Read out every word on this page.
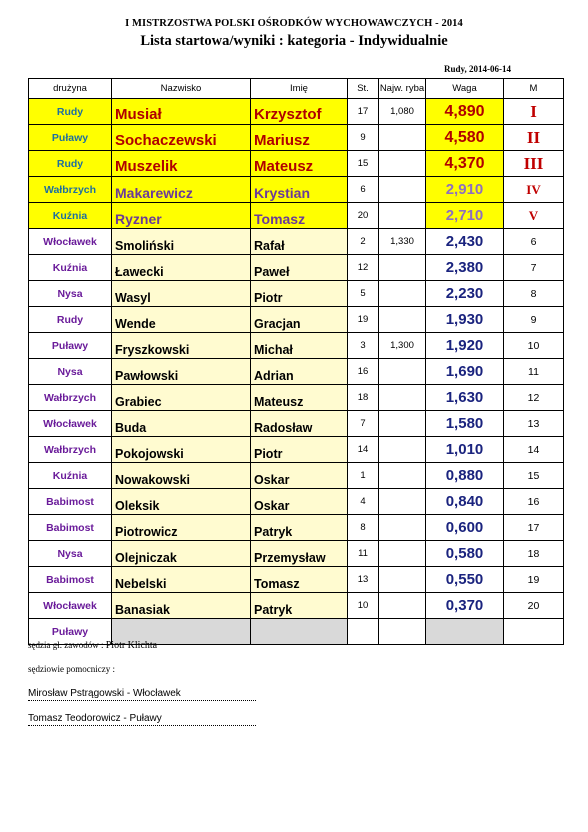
I MISTRZOSTWA POLSKI OŚRODKÓW WYCHOWAWCZYCH - 2014
Lista startowa/wyniki : kategoria - Indywidualnie
Rudy, 2014-06-14
drużyna	Nazwisko	Imię	St.	Najw. ryba	Waga	M
Rudy	Musiał	Krzysztof	17	1,080	4,890	I
Puławy	Sochaczewski	Mariusz	9		4,580	II
Rudy	Muszelik	Mateusz	15		4,370	III
Wałbrzych	Makarewicz	Krystian	6		2,910	IV
Kuźnia	Ryzner	Tomasz	20		2,710	V
Włocławek	Smoliński	Rafał	2	1,330	2,430	6
Kuźnia	Ławecki	Paweł	12		2,380	7
Nysa	Wasyl	Piotr	5		2,230	8
Rudy	Wende	Gracjan	19		1,930	9
Puławy	Fryszkowski	Michał	3	1,300	1,920	10
Nysa	Pawłowski	Adrian	16		1,690	11
Wałbrzych	Grabiec	Mateusz	18		1,630	12
Włocławek	Buda	Radosław	7		1,580	13
Wałbrzych	Pokojowski	Piotr	14		1,010	14
Kuźnia	Nowakowski	Oskar	1		0,880	15
Babimost	Oleksik	Oskar	4		0,840	16
Babimost	Piotrowicz	Patryk	8		0,600	17
Nysa	Olejniczak	Przemysław	11		0,580	18
Babimost	Nebelski	Tomasz	13		0,550	19
Włocławek	Banasiak	Patryk	10		0,370	20
Puławy						
sędzia gł. zawodów : Piotr Klichta
sędziowie pomocniczy :
Mirosław Pstrągowski - Włocławek
Tomasz Teodorowicz - Puławy
